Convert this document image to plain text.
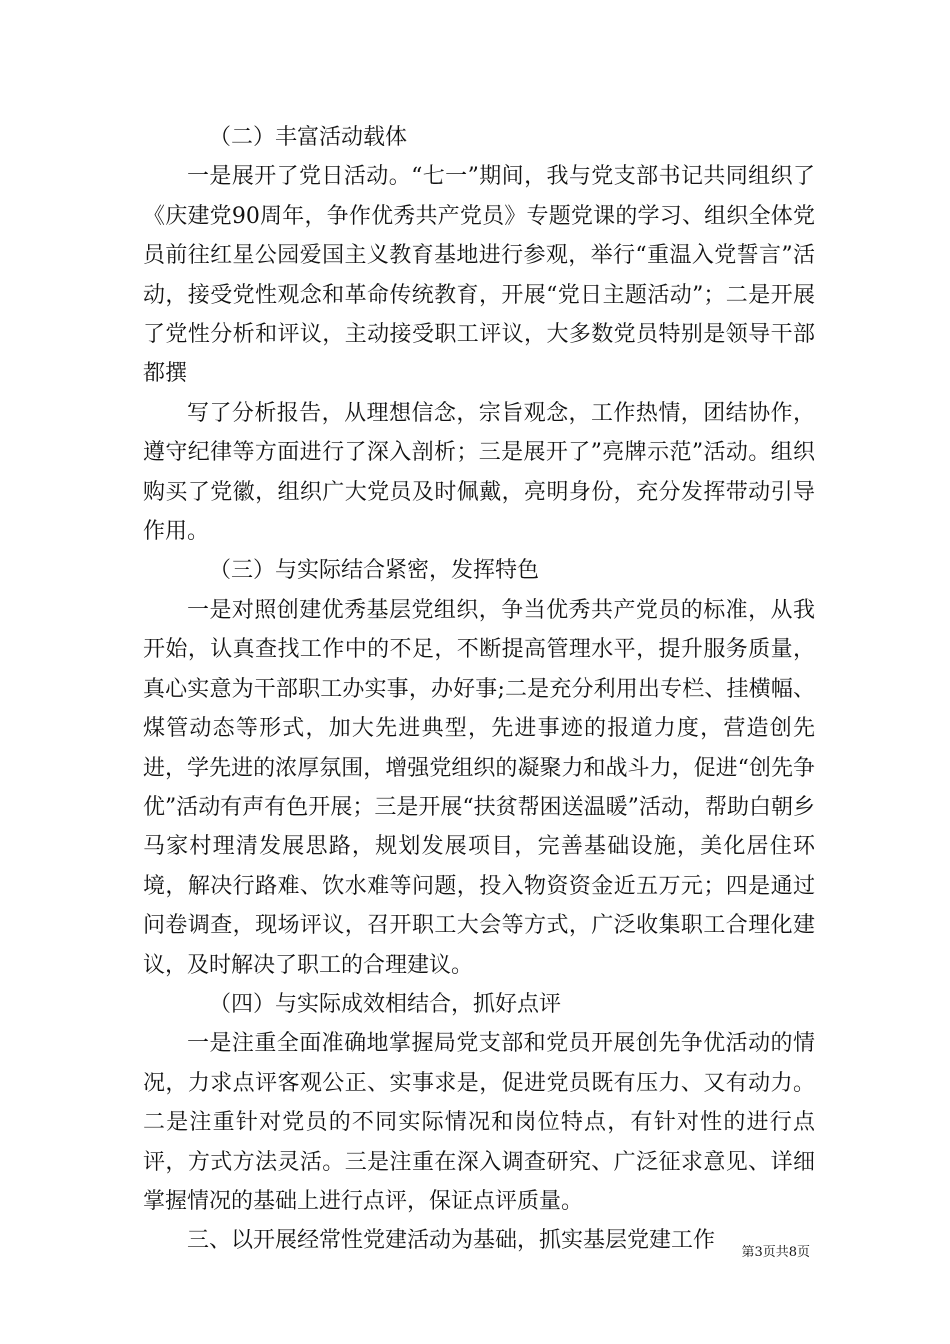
（二）丰富活动载体

一是展开了党日活动。“七一”期间，我与党支部书记共同组织了《庆建党90周年，争作优秀共产党员》专题党课的学习、组织全体党员前往红星公园爱国主义教育基地进行参观，举行“重温入党誓言”活动，接受党性观念和革命传统教育，开展“党日主题活动”；二是开展了党性分析和评议，主动接受职工评议，大多数党员特别是领导干部都撰

写了分析报告，从理想信念，宗旨观念，工作热情，团结协作，遵守纪律等方面进行了深入剖析；三是展开了”亮牌示范”活动。组织购买了党徽，组织广大党员及时佩戴，亮明身份，充分发挥带动引导作用。

（三）与实际结合紧密，发挥特色

一是对照创建优秀基层党组织，争当优秀共产党员的标准，从我开始，认真查找工作中的不足，不断提高管理水平，提升服务质量，真心实意为干部职工办实事，办好事;二是充分利用出专栏、挂横幅、煤管动态等形式，加大先进典型，先进事迹的报道力度，营造创先进，学先进的浓厚氛围，增强党组织的凝聚力和战斗力，促进“创先争优”活动有声有色开展；三是开展“扶贫帮困送温暖”活动，帮助白朝乡马家村理清发展思路，规划发展项目，完善基础设施，美化居住环境，解决行路难、饮水难等问题，投入物资资金近五万元；四是通过问卷调查，现场评议，召开职工大会等方式，广泛收集职工合理化建议，及时解决了职工的合理建议。

（四）与实际成效相结合，抓好点评

一是注重全面准确地掌握局党支部和党员开展创先争优活动的情况，力求点评客观公正、实事求是，促进党员既有压力、又有动力。二是注重针对党员的不同实际情况和岗位特点，有针对性的进行点评，方式方法灵活。三是注重在深入调查研究、广泛征求意见、详细掌握情况的基础上进行点评，保证点评质量。

三、以开展经常性党建活动为基础，抓实基层党建工作	第3页共8页
